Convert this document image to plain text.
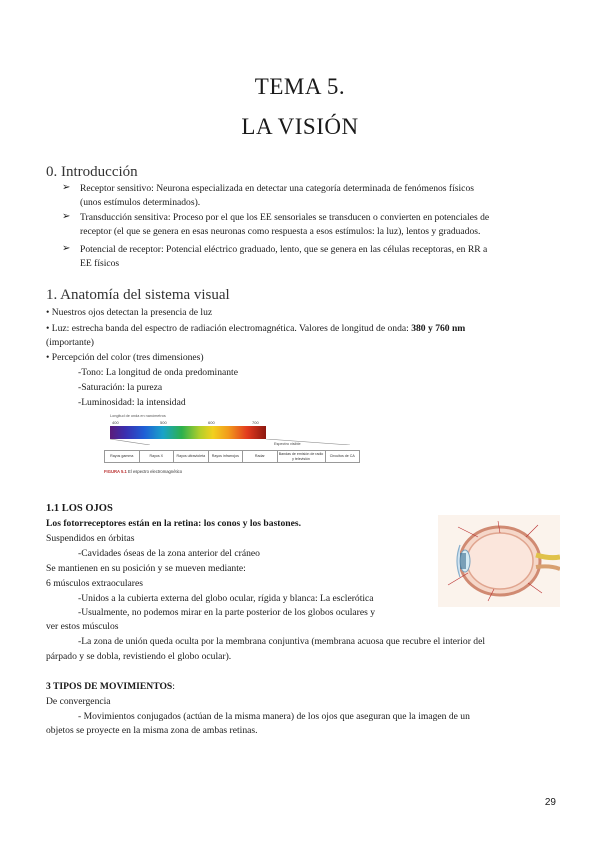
TEMA 5.
LA VISIÓN
0. Introducción
➢ Receptor sensitivo: Neurona especializada en detectar una categoría determinada de fenómenos físicos
(unos estímulos determinados).
➢ Transducción sensitiva: Proceso por el que los EE sensoriales se transducen o convierten en potenciales de
receptor (el que se genera en esas neuronas como respuesta a esos estímulos: la luz), lentos y graduados.
➢ Potencial de receptor: Potencial eléctrico graduado, lento, que se genera en las células receptoras, en RR a
EE físicos
1. Anatomía del sistema visual
• Nuestros ojos detectan la presencia de luz
• Luz: estrecha banda del espectro de radiación electromagnética. Valores de longitud de onda: 380 y 760 nm
(importante)
• Percepción del color (tres dimensiones)
-Tono: La longitud de onda predominante
-Saturación: la pureza
-Luminosidad: la intensidad
Longitud de onda en nanómetros
400	500	600	700
Espectro visible
Rayos gamma	Rayos X	Rayos ultravioleta	Rayos infrarrojos	Radar
Bandas de emisión de radio y televisión
Circuitos de CA
FIGURA 5.1 El espectro electromagnético
1.1 LOS OJOS
Los fotorreceptores están en la retina: los conos y los bastones.
Suspendidos en órbitas
-Cavidades óseas de la zona anterior del cráneo
Se mantienen en su posición y se mueven mediante:
6 músculos extraoculares
-Unidos a la cubierta externa del globo ocular, rígida y blanca: La esclerótica
-Usualmente, no podemos mirar en la parte posterior de los globos oculares y
ver estos músculos
-La zona de unión queda oculta por la membrana conjuntiva (membrana acuosa que recubre el interior del
párpado y se dobla, revistiendo el globo ocular).
3 TIPOS DE MOVIMIENTOS:
De convergencia
- Movimientos conjugados (actúan de la misma manera) de los ojos que aseguran que la imagen de un
objetos se proyecte en la misma zona de ambas retinas.
29
